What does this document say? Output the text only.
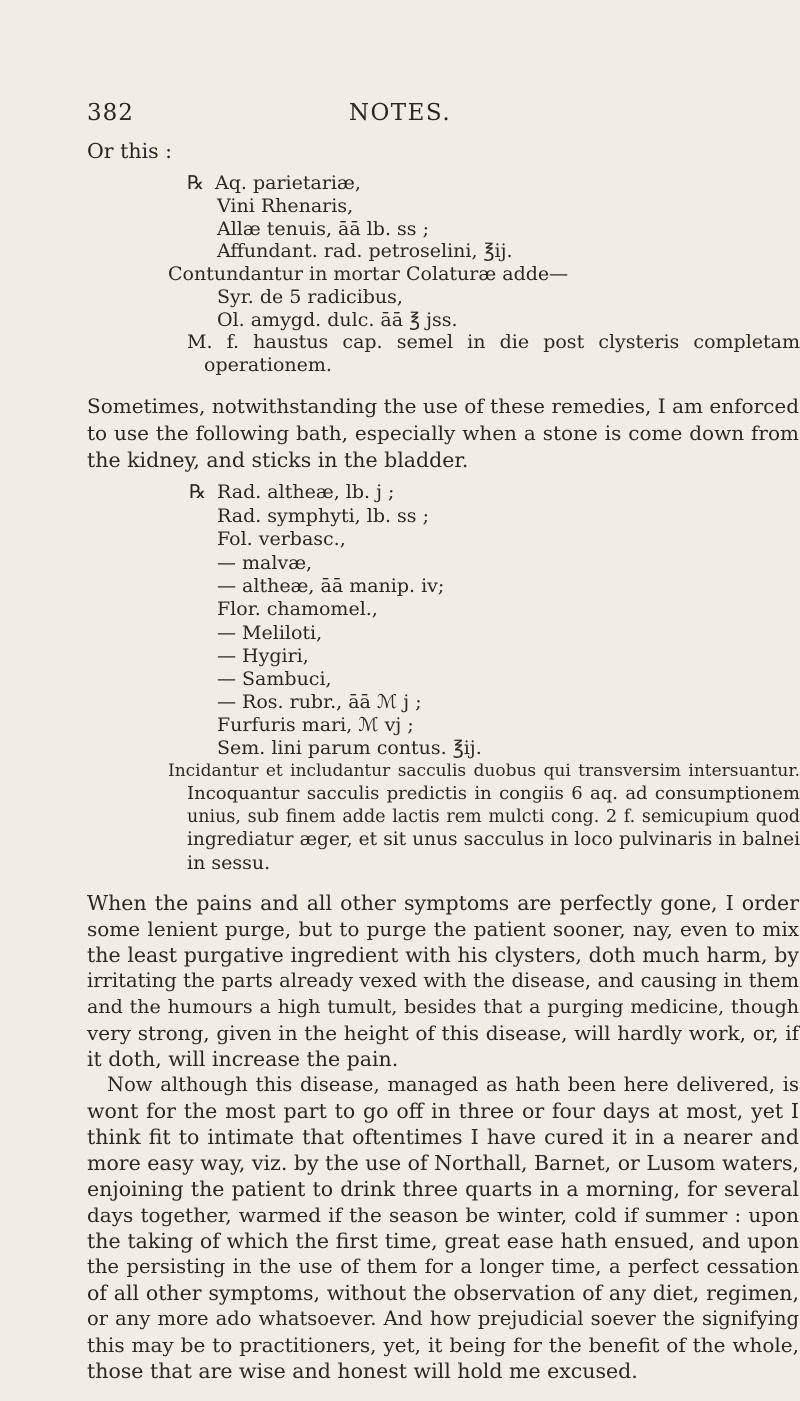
382	NOTES.
Or this :
℞ Aq. parietariæ,
Vini Rhenaris,
Allæ tenuis, āā lb. ss ;
Affundant. rad. petroselini, ℥ij.
Contundantur in mortar Colaturæ adde—
Syr. de 5 radicibus,
Ol. amygd. dulc. āā ℥ jss.
M. f. haustus cap. semel in die post clysteris completam
operationem.
Sometimes, notwithstanding the use of these remedies, I am enforced
to use the following bath, especially when a stone is come down from
the kidney, and sticks in the bladder.
℞ Rad. altheæ, lb. j ;
Rad. symphyti, lb. ss ;
Fol. verbasc.,
— malvæ,
— altheæ, āā manip. iv;
Flor. chamomel.,
— Meliloti,
— Hygiri,
— Sambuci,
— Ros. rubr., āā ℳ j ;
Furfuris mari, ℳ vj ;
Sem. lini parum contus. ℥ij.
Incidantur et includantur sacculis duobus qui transversim intersuantur.
Incoquantur sacculis predictis in congiis 6 aq. ad consumptionem
unius, sub finem adde lactis rem mulcti cong. 2 f. semicupium quod
ingrediatur æger, et sit unus sacculus in loco pulvinaris in balnei
in sessu.
When the pains and all other symptoms are perfectly gone, I order
some lenient purge, but to purge the patient sooner, nay, even to mix
the least purgative ingredient with his clysters, doth much harm, by
irritating the parts already vexed with the disease, and causing in them
and the humours a high tumult, besides that a purging medicine, though
very strong, given in the height of this disease, will hardly work, or, if
it doth, will increase the pain.
Now although this disease, managed as hath been here delivered, is
wont for the most part to go off in three or four days at most, yet I
think fit to intimate that oftentimes I have cured it in a nearer and
more easy way, viz. by the use of Northall, Barnet, or Lusom waters,
enjoining the patient to drink three quarts in a morning, for several
days together, warmed if the season be winter, cold if summer : upon
the taking of which the first time, great ease hath ensued, and upon
the persisting in the use of them for a longer time, a perfect cessation
of all other symptoms, without the observation of any diet, regimen,
or any more ado whatsoever. And how prejudicial soever the signifying
this may be to practitioners, yet, it being for the benefit of the whole,
those that are wise and honest will hold me excused.
